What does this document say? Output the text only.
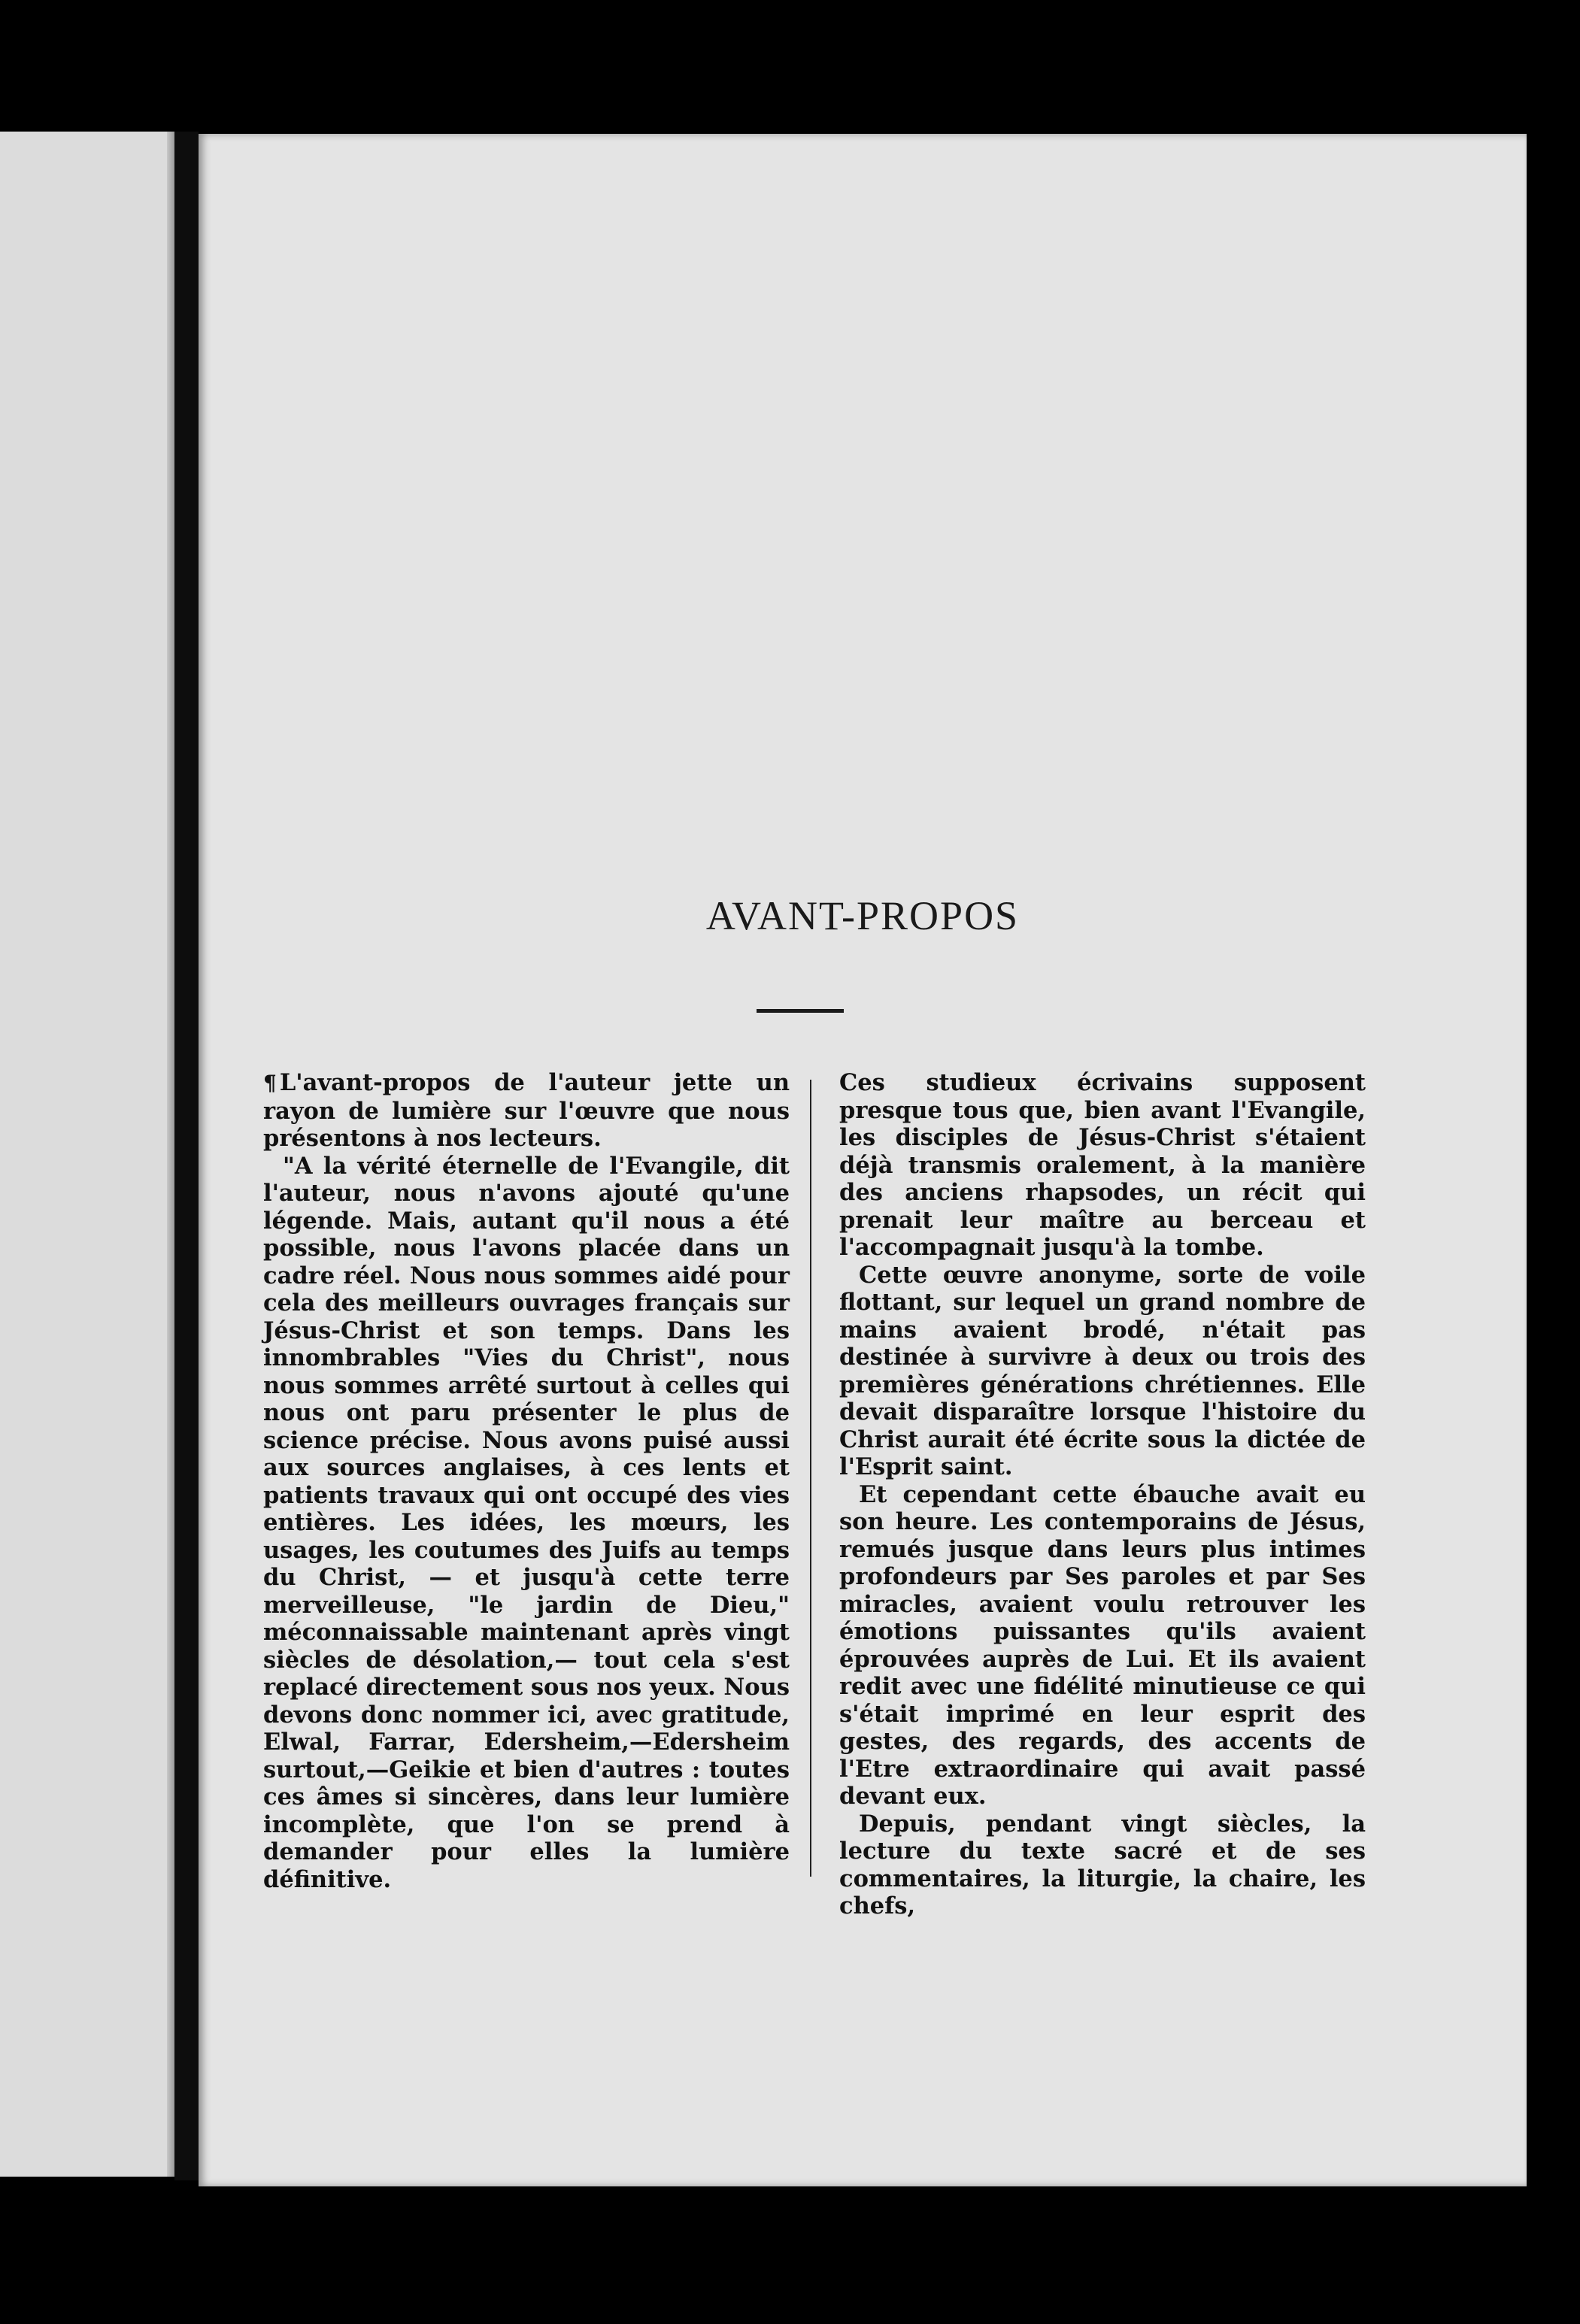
AVANT-PROPOS

¶ L'avant-propos de l'auteur jette un rayon de lumière sur l'œuvre que nous présentons à nos lecteurs.

"A la vérité éternelle de l'Evangile, dit l'auteur, nous n'avons ajouté qu'une légende. Mais, autant qu'il nous a été possible, nous l'avons placée dans un cadre réel. Nous nous sommes aidé pour cela des meilleurs ouvrages français sur Jésus-Christ et son temps. Dans les innombrables "Vies du Christ", nous nous sommes arrêté surtout à celles qui nous ont paru présenter le plus de science précise. Nous avons puisé aussi aux sources anglaises, à ces lents et patients travaux qui ont occupé des vies entières. Les idées, les mœurs, les usages, les coutumes des Juifs au temps du Christ, — et jusqu'à cette terre merveilleuse, "le jardin de Dieu," méconnaissable maintenant après vingt siècles de désolation,— tout cela s'est replacé directement sous nos yeux. Nous devons donc nommer ici, avec gratitude, Elwal, Farrar, Edersheim,—Edersheim surtout,—Geikie et bien d'autres : toutes ces âmes si sincères, dans leur lumière incomplète, que l'on se prend à demander pour elles la lumière définitive.

Ces studieux écrivains supposent presque tous que, bien avant l'Evangile, les disciples de Jésus-Christ s'étaient déjà transmis oralement, à la manière des anciens rhapsodes, un récit qui prenait leur maître au berceau et l'accompagnait jusqu'à la tombe.

Cette œuvre anonyme, sorte de voile flottant, sur lequel un grand nombre de mains avaient brodé, n'était pas destinée à survivre à deux ou trois des premières générations chrétiennes. Elle devait disparaître lorsque l'histoire du Christ aurait été écrite sous la dictée de l'Esprit saint.

Et cependant cette ébauche avait eu son heure. Les contemporains de Jésus, remués jusque dans leurs plus intimes profondeurs par Ses paroles et par Ses miracles, avaient voulu retrouver les émotions puissantes qu'ils avaient éprouvées auprès de Lui. Et ils avaient redit avec une fidélité minutieuse ce qui s'était imprimé en leur esprit des gestes, des regards, des accents de l'Etre extraordinaire qui avait passé devant eux.

Depuis, pendant vingt siècles, la lecture du texte sacré et de ses commentaires, la liturgie, la chaire, les chefs,
